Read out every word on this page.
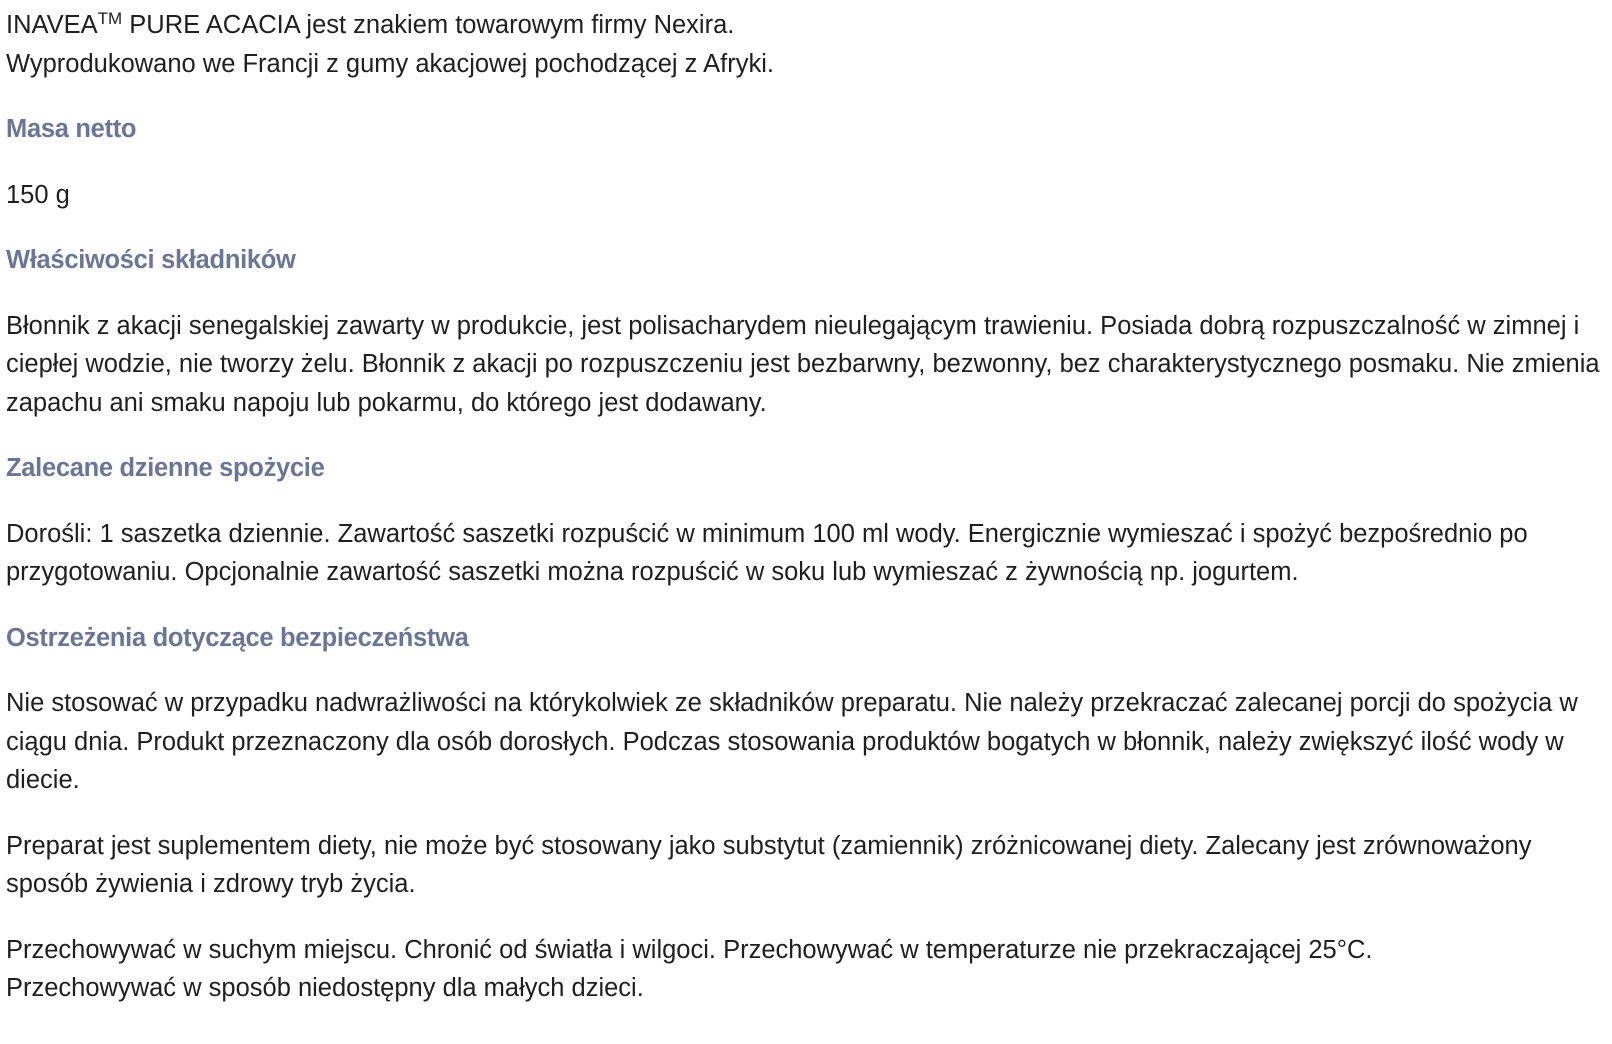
INAVEA™ PURE ACACIA jest znakiem towarowym firmy Nexira.
Wyprodukowano we Francji z gumy akacjowej pochodzącej z Afryki.

Masa netto

150 g

Właściwości składników

Błonnik z akacji senegalskiej zawarty w produkcie, jest polisacharydem nieulegającym trawieniu. Posiada dobrą rozpuszczalność w zimnej i ciepłej wodzie, nie tworzy żelu. Błonnik z akacji po rozpuszczeniu jest bezbarwny, bezwonny, bez charakterystycznego posmaku. Nie zmienia zapachu ani smaku napoju lub pokarmu, do którego jest dodawany.

Zalecane dzienne spożycie

Dorośli: 1 saszetka dziennie. Zawartość saszetki rozpuścić w minimum 100 ml wody. Energicznie wymieszać i spożyć bezpośrednio po przygotowaniu. Opcjonalnie zawartość saszetki można rozpuścić w soku lub wymieszać z żywnością np. jogurtem.

Ostrzeżenia dotyczące bezpieczeństwa

Nie stosować w przypadku nadwrażliwości na którykolwiek ze składników preparatu. Nie należy przekraczać zalecanej porcji do spożycia w ciągu dnia. Produkt przeznaczony dla osób dorosłych. Podczas stosowania produktów bogatych w błonnik, należy zwiększyć ilość wody w diecie.

Preparat jest suplementem diety, nie może być stosowany jako substytut (zamiennik) zróżnicowanej diety. Zalecany jest zrównoważony sposób żywienia i zdrowy tryb życia.

Przechowywać w suchym miejscu. Chronić od światła i wilgoci. Przechowywać w temperaturze nie przekraczającej 25°C.
Przechowywać w sposób niedostępny dla małych dzieci.
